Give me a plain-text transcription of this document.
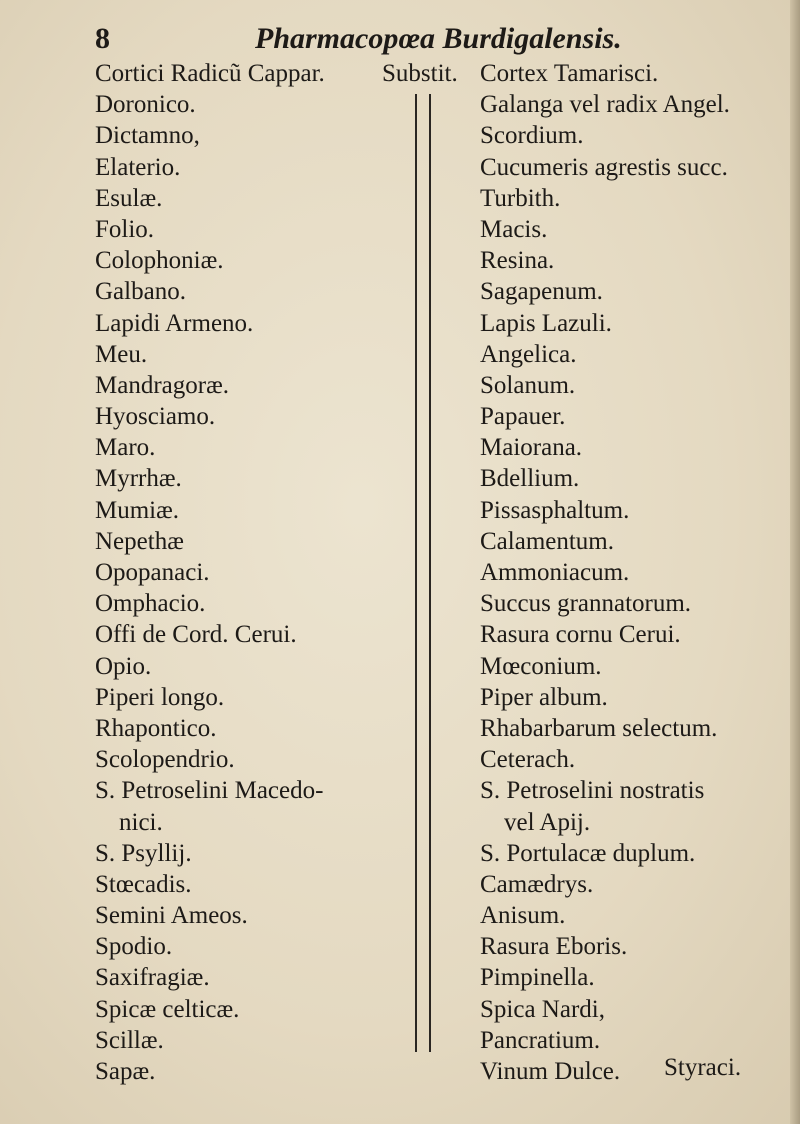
8	Pharmacopœa Burdigalensis.
Substit.
Cortici Radicũ Cappar.
Doronico.
Dictamno,
Elaterio.
Esulæ.
Folio.
Colophoniæ.
Galbano.
Lapidi Armeno.
Meu.
Mandragoræ.
Hyosciamo.
Maro.
Myrrhæ.
Mumiæ.
Nepethæ
Opopanaci.
Omphacio.
Offi de Cord. Cerui.
Opio.
Piperi longo.
Rhapontico.
Scolopendrio.
S. Petroselini Macedo-
nici.
S. Psyllij.
Stœcadis.
Semini Ameos.
Spodio.
Saxifragiæ.
Spicæ celticæ.
Scillæ.
Sapæ.
Cortex Tamarisci.
Galanga vel radix Angel.
Scordium.
Cucumeris agrestis succ.
Turbith.
Macis.
Resina.
Sagapenum.
Lapis Lazuli.
Angelica.
Solanum.
Papauer.
Maiorana.
Bdellium.
Pissasphaltum.
Calamentum.
Ammoniacum.
Succus grannatorum.
Rasura cornu Cerui.
Mœconium.
Piper album.
Rhabarbarum selectum.
Ceterach.
S. Petroselini nostratis
vel Apij.
S. Portulacæ duplum.
Camædrys.
Anisum.
Rasura Eboris.
Pimpinella.
Spica Nardi,
Pancratium.
Vinum Dulce.	Styraci.
